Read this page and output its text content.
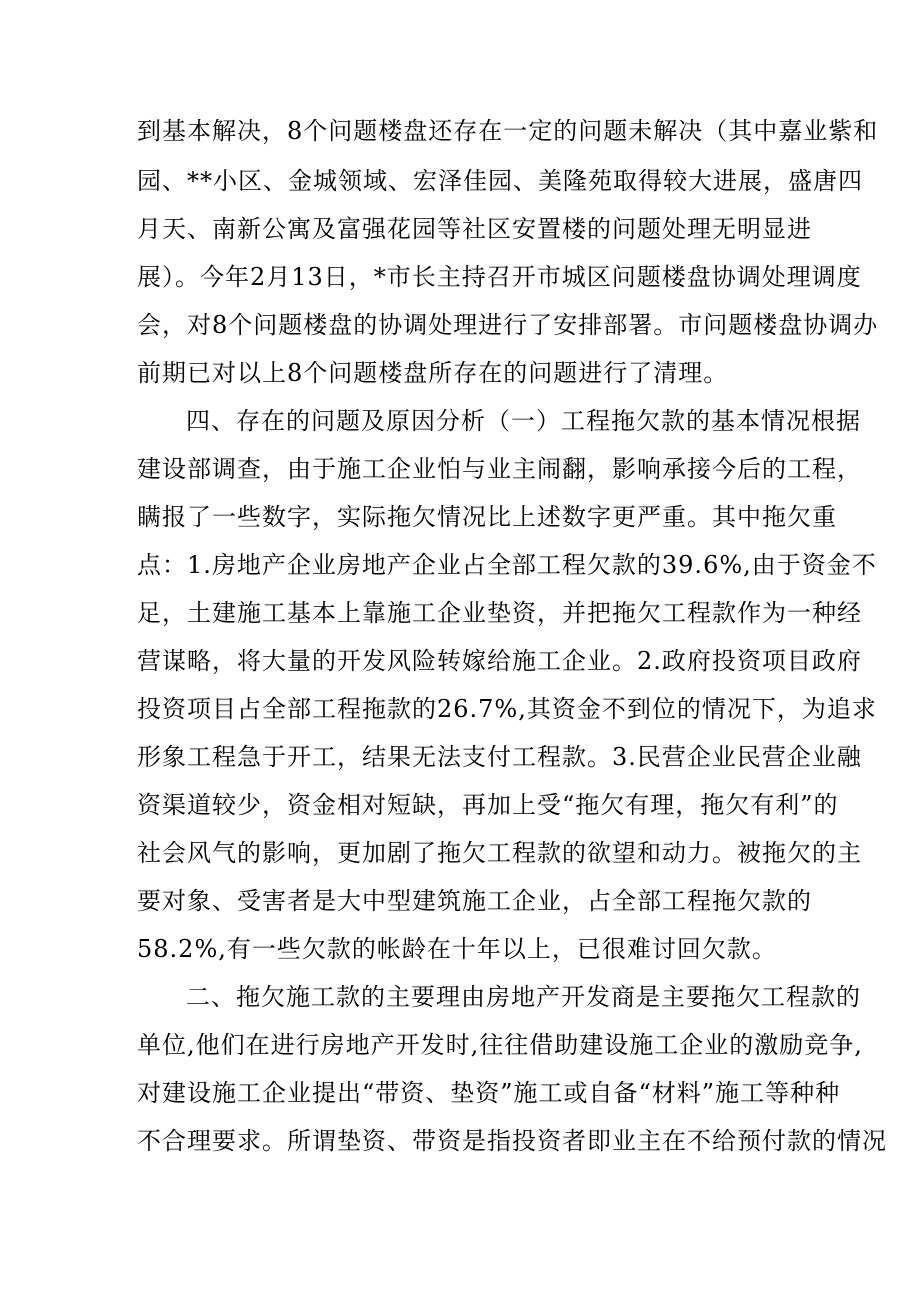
到基本解决，8个问题楼盘还存在一定的问题未解决（其中嘉业紫和
园、**小区、金城领域、宏泽佳园、美隆苑取得较大进展，盛唐四
月天、南新公寓及富强花园等社区安置楼的问题处理无明显进
展）。今年2月13日，*市长主持召开市城区问题楼盘协调处理调度
会，对8个问题楼盘的协调处理进行了安排部署。市问题楼盘协调办
前期已对以上8个问题楼盘所存在的问题进行了清理。
四、存在的问题及原因分析（一）工程拖欠款的基本情况根据
建设部调查，由于施工企业怕与业主闹翻，影响承接今后的工程，
瞒报了一些数字，实际拖欠情况比上述数字更严重。其中拖欠重
点：1.房地产企业房地产企业占全部工程欠款的39.6%,由于资金不
足，土建施工基本上靠施工企业垫资，并把拖欠工程款作为一种经
营谋略，将大量的开发风险转嫁给施工企业。2.政府投资项目政府
投资项目占全部工程拖款的26.7%,其资金不到位的情况下，为追求
形象工程急于开工，结果无法支付工程款。3.民营企业民营企业融
资渠道较少，资金相对短缺，再加上受“拖欠有理，拖欠有利”的
社会风气的影响，更加剧了拖欠工程款的欲望和动力。被拖欠的主
要对象、受害者是大中型建筑施工企业，占全部工程拖欠款的
58.2%,有一些欠款的帐龄在十年以上，已很难讨回欠款。
二、拖欠施工款的主要理由房地产开发商是主要拖欠工程款的
单位,他们在进行房地产开发时,往往借助建设施工企业的激励竞争,
对建设施工企业提出“带资、垫资”施工或自备“材料”施工等种种
不合理要求。所谓垫资、带资是指投资者即业主在不给预付款的情况
